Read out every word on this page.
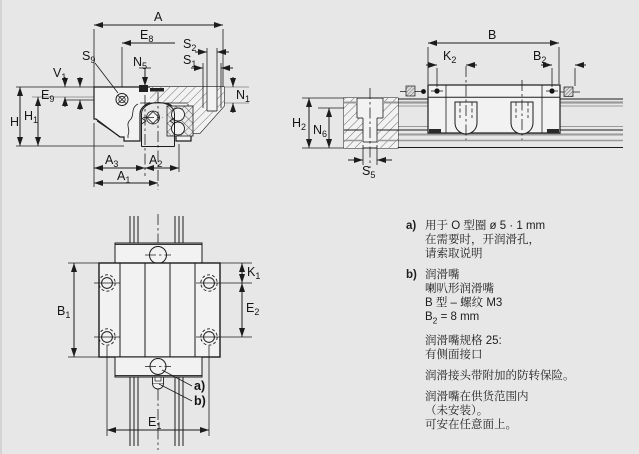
A
$E_8$ $S_2$
$S_1$
$S_9$	$N_5$
$V_1$
$E_9$
H $H_1$
$N_1$
$A_3$ $A_2$
$A_1$
B
$K_2$	$B_2$
$H_2$ $N_6$
$S_5$
$B_1$
$K_1$
$E_2$
$E_1$
a)
b)
a) 用于 O 型圈 ø 5 · 1 mm

在需要时，开润滑孔，

请索取说明

b) 润滑嘴

喇叭形润滑嘴

B 型 – 螺纹 M3

$B_2 = 8$ mm

润滑嘴规格 25:

有侧面接口

润滑接头带附加的防转保险。

润滑嘴在供货范围内

（未安装）。

可安在任意面上。
